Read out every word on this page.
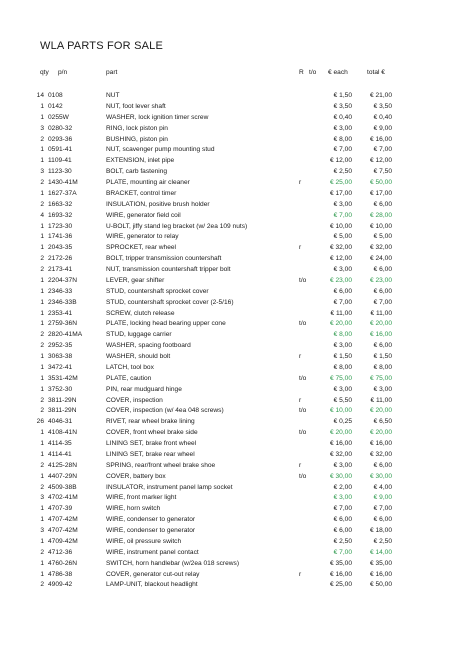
WLA PARTS FOR SALE
qty p/n	part	R t/o € each	total €
14 0108	NUT	€ 1,50	€ 21,00
1 0142	NUT, foot lever shaft	€ 3,50	€ 3,50
1 0255W	WASHER, lock ignition timer screw	€ 0,40	€ 0,40
3 0280-32	RING, lock piston pin	€ 3,00	€ 9,00
2 0293-36	BUSHING, piston pin	€ 8,00	€ 16,00
1 0591-41	NUT, scavenger pump mounting stud	€ 7,00	€ 7,00
1 1109-41	EXTENSION, inlet pipe	€ 12,00	€ 12,00
3 1123-30	BOLT, carb fastening	€ 2,50	€ 7,50
2 1430-41M	PLATE, mounting air cleaner	r	€ 25,00	€ 50,00
1 1627-37A	BRACKET, control timer	€ 17,00	€ 17,00
2 1663-32	INSULATION, positive brush holder	€ 3,00	€ 6,00
4 1693-32	WIRE, generator field coil	€ 7,00	€ 28,00
1 1723-30	U-BOLT, jiffy stand leg bracket (w/ 2ea 109 nuts)	€ 10,00	€ 10,00
1 1741-36	WIRE, generator to relay	€ 5,00	€ 5,00
1 2043-35	SPROCKET, rear wheel	r	€ 32,00	€ 32,00
2 2172-26	BOLT, tripper transmission countershaft	€ 12,00	€ 24,00
2 2173-41	NUT, transmission countershaft tripper bolt	€ 3,00	€ 6,00
1 2204-37N	LEVER, gear shifter	t/o	€ 23,00	€ 23,00
1 2346-33	STUD, countershaft sprocket cover	€ 6,00	€ 6,00
1 2346-33B	STUD, countershaft sprocket cover (2-5/16)	€ 7,00	€ 7,00
1 2353-41	SCREW, clutch release	€ 11,00	€ 11,00
1 2759-36N	PLATE, locking head bearing upper cone	t/o	€ 20,00	€ 20,00
2 2820-41MA	STUD, luggage carrier	€ 8,00	€ 16,00
2 2952-35	WASHER, spacing footboard	€ 3,00	€ 6,00
1 3063-38	WASHER, should bolt	r	€ 1,50	€ 1,50
1 3472-41	LATCH, tool box	€ 8,00	€ 8,00
1 3531-42M	PLATE, caution	t/o	€ 75,00	€ 75,00
1 3752-30	PIN, rear mudguard hinge	€ 3,00	€ 3,00
2 3811-29N	COVER, inspection	r	€ 5,50	€ 11,00
2 3811-29N	COVER, inspection (w/ 4ea 048 screws)	t/o	€ 10,00	€ 20,00
26 4046-31	RIVET, rear wheel brake lining	€ 0,25	€ 6,50
1 4108-41N	COVER, front wheel brake side	t/o	€ 20,00	€ 20,00
1 4114-35	LINING SET, brake front wheel	€ 16,00	€ 16,00
1 4114-41	LINING SET, brake rear wheel	€ 32,00	€ 32,00
2 4125-28N	SPRING, rear/front wheel brake shoe	r	€ 3,00	€ 6,00
1 4407-29N	COVER, battery box	t/o	€ 30,00	€ 30,00
2 4509-38B	INSULATOR, instrument panel lamp socket	€ 2,00	€ 4,00
3 4702-41M	WIRE, front marker light	€ 3,00	€ 9,00
1 4707-39	WIRE, horn switch	€ 7,00	€ 7,00
1 4707-42M	WIRE, condenser to generator	€ 6,00	€ 6,00
3 4707-42M	WIRE, condenser to generator	€ 6,00	€ 18,00
1 4709-42M	WIRE, oil pressure switch	€ 2,50	€ 2,50
2 4712-36	WIRE, instrument panel contact	€ 7,00	€ 14,00
1 4760-26N	SWITCH, horn handlebar (w/2ea 018 screws)	€ 35,00	€ 35,00
1 4786-38	COVER, generator cut-out relay	r	€ 16,00	€ 16,00
2 4909-42	LAMP-UNIT, blackout headlight	€ 25,00	€ 50,00
